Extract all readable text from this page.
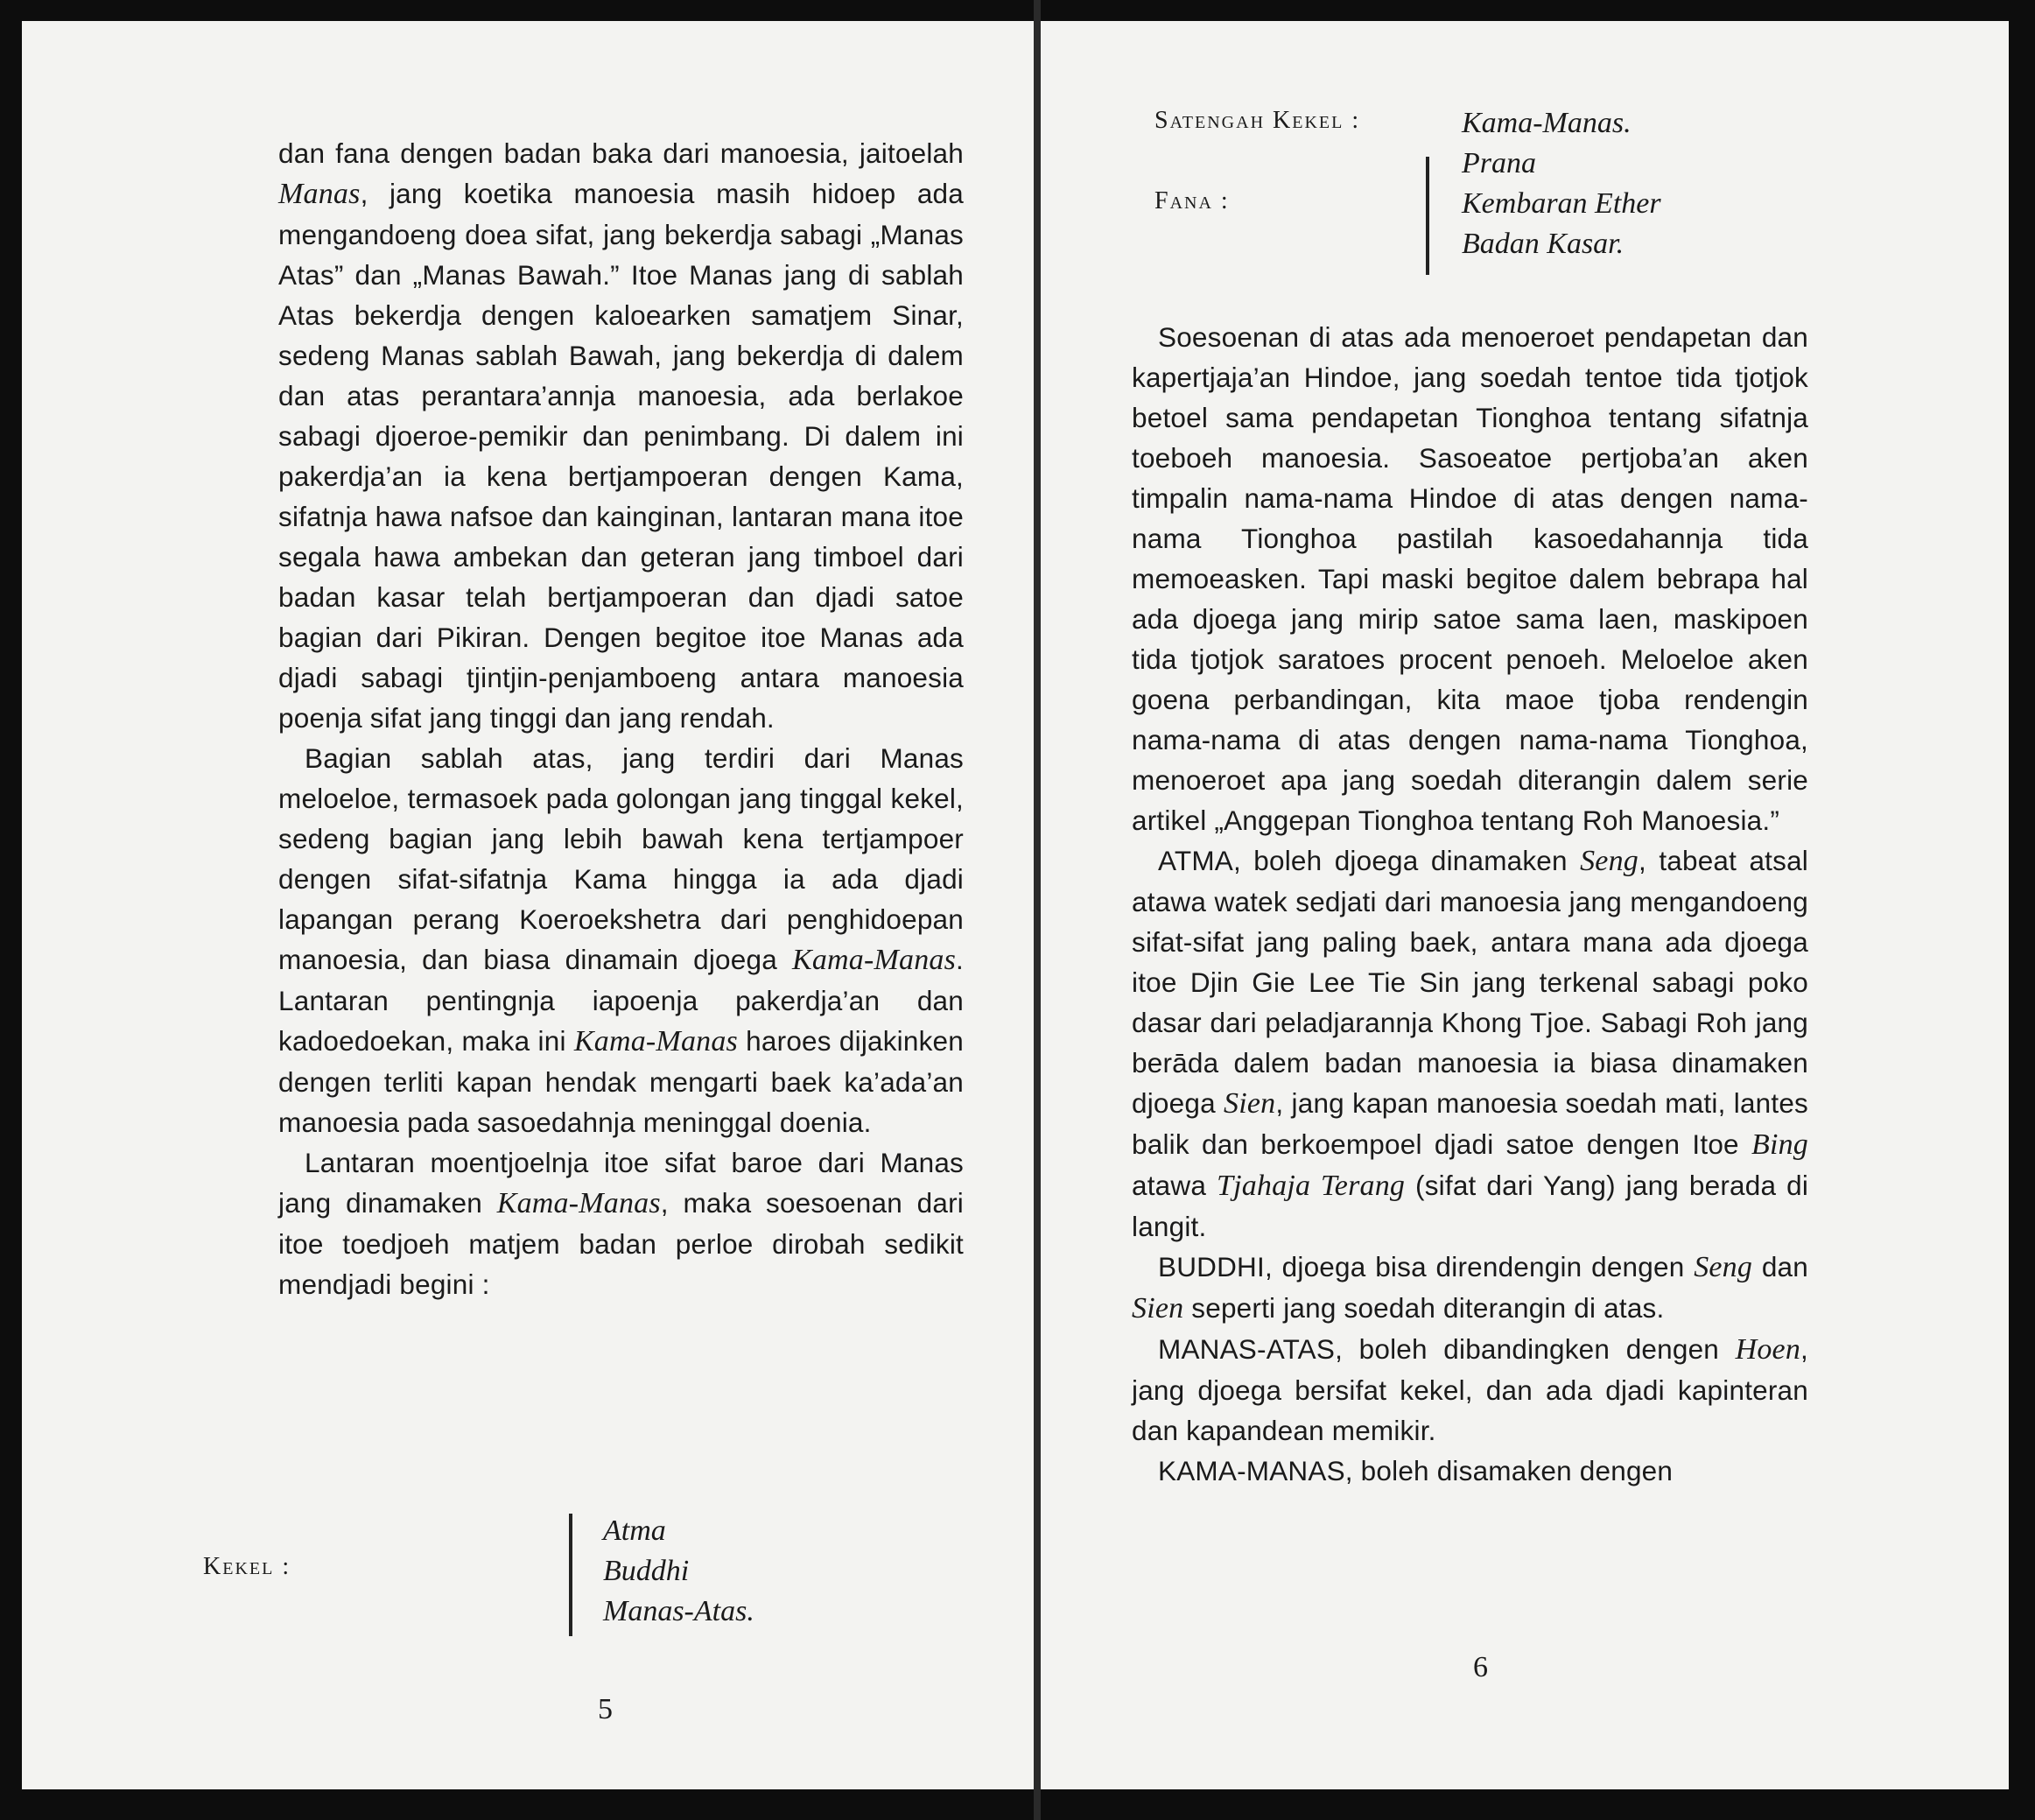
dan fana dengen badan baka dari manoesia, jaitoelah Manas, jang koetika manoesia masih hidoep ada mengandoeng doea sifat, jang bekerdja sabagi „Manas Atas” dan „Manas Bawah.” Itoe Manas jang di sablah Atas bekerdja dengen kaloearken samatjem Sinar, sedeng Manas sablah Bawah, jang bekerdja di dalem dan atas perantara’annja manoesia, ada berlakoe sabagi djoeroe-pemikir dan penimbang. Di dalem ini pakerdja’an ia kena bertjampoeran dengen Kama, sifatnja hawa nafsoe dan kainginan, lantaran mana itoe segala hawa ambekan dan geteran jang timboel dari badan kasar telah bertjampoeran dan djadi satoe bagian dari Pikiran. Dengen begitoe itoe Manas ada djadi sabagi tjintjin-penjamboeng antara manoesia poenja sifat jang tinggi dan jang rendah.

Bagian sablah atas, jang terdiri dari Manas meloeloe, termasoek pada golongan jang tinggal kekel, sedeng bagian jang lebih bawah kena tertjampoer dengen sifat-sifatnja Kama hingga ia ada djadi lapangan perang Koeroekshetra dari penghidoepan manoesia, dan biasa dinamain djoega Kama-Manas. Lantaran pentingnja iapoenja pakerdja’an dan kadoedoekan, maka ini Kama-Manas haroes dijakinken dengen terliti kapan hendak mengarti baek ka’ada’an manoesia pada sasoedahnja meninggal doenia.

Lantaran moentjoelnja itoe sifat baroe dari Manas jang dinamaken Kama-Manas, maka soesoenan dari itoe toedjoeh matjem badan perloe dirobah sedikit mendjadi begini :

Kekel :
Atma
Buddhi
Manas-Atas.
5
Satengah Kekel :
Fana :
Kama-Manas.
Prana
Kembaran Ether
Badan Kasar.

Soesoenan di atas ada menoeroet pendapetan dan kapertjaja’an Hindoe, jang soedah tentoe tida tjotjok betoel sama pendapetan Tionghoa tentang sifatnja toeboeh manoesia. Sasoeatoe pertjoba’an aken timpalin nama-nama Hindoe di atas dengen nama-nama Tionghoa pastilah kasoedahannja tida memoeasken. Tapi maski begitoe dalem bebrapa hal ada djoega jang mirip satoe sama laen, maskipoen tida tjotjok saratoes procent penoeh. Meloeloe aken goena perbandingan, kita maoe tjoba rendengin nama-nama di atas dengen nama-nama Tionghoa, menoeroet apa jang soedah diterangin dalem serie artikel „Anggepan Tionghoa tentang Roh Manoesia.”

ATMA, boleh djoega dinamaken Seng, tabeat atsal atawa watek sedjati dari manoesia jang mengandoeng sifat-sifat jang paling baek, antara mana ada djoega itoe Djin Gie Lee Tie Sin jang terkenal sabagi poko dasar dari peladjarannja Khong Tjoe. Sabagi Roh jang berāda dalem badan manoesia ia biasa dinamaken djoega Sien, jang kapan manoesia soedah mati, lantes balik dan berkoempoel djadi satoe dengen Itoe Bing atawa Tjahaja Terang (sifat dari Yang) jang berada di langit.

BUDDHI, djoega bisa direndengin dengen Seng dan Sien seperti jang soedah diterangin di atas.

MANAS-ATAS, boleh dibandingken dengen Hoen, jang djoega bersifat kekel, dan ada djadi kapinteran dan kapandean memikir.

KAMA-MANAS, boleh disamaken dengen

6
